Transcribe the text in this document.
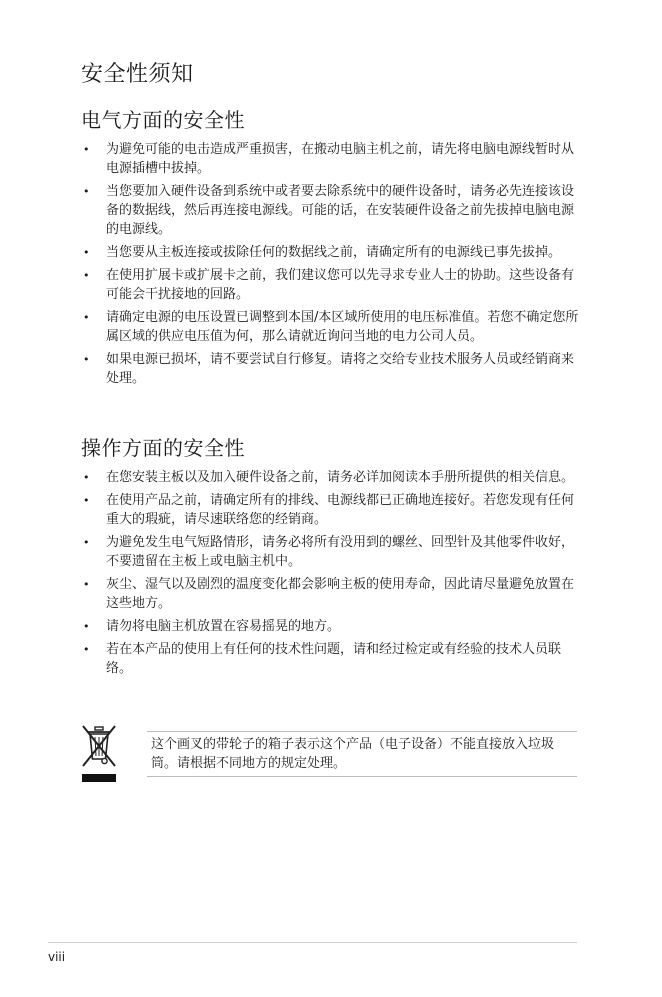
安全性须知
电气方面的安全性
• 为避免可能的电击造成严重损害，在搬动电脑主机之前，请先将电脑电源线暂时从电源插槽中拔掉。
• 当您要加入硬件设备到系统中或者要去除系统中的硬件设备时，请务必先连接该设备的数据线，然后再连接电源线。可能的话，在安装硬件设备之前先拔掉电脑电源的电源线。
• 当您要从主板连接或拔除任何的数据线之前，请确定所有的电源线已事先拔掉。
• 在使用扩展卡或扩展卡之前，我们建议您可以先寻求专业人士的协助。这些设备有可能会干扰接地的回路。
• 请确定电源的电压设置已调整到本国/本区域所使用的电压标准值。若您不确定您所属区域的供应电压值为何，那么请就近询问当地的电力公司人员。
• 如果电源已损坏，请不要尝试自行修复。请将之交给专业技术服务人员或经销商来处理。
操作方面的安全性
• 在您安装主板以及加入硬件设备之前，请务必详加阅读本手册所提供的相关信息。
• 在使用产品之前，请确定所有的排线、电源线都已正确地连接好。若您发现有任何重大的瑕疵，请尽速联络您的经销商。
• 为避免发生电气短路情形，请务必将所有没用到的螺丝、回型针及其他零件收好，不要遗留在主板上或电脑主机中。
• 灰尘、湿气以及剧烈的温度变化都会影响主板的使用寿命，因此请尽量避免放置在这些地方。
• 请勿将电脑主机放置在容易摇晃的地方。
• 若在本产品的使用上有任何的技术性问题，请和经过检定或有经验的技术人员联络。
这个画叉的带轮子的箱子表示这个产品（电子设备）不能直接放入垃圾筒。请根据不同地方的规定处理。
viii
